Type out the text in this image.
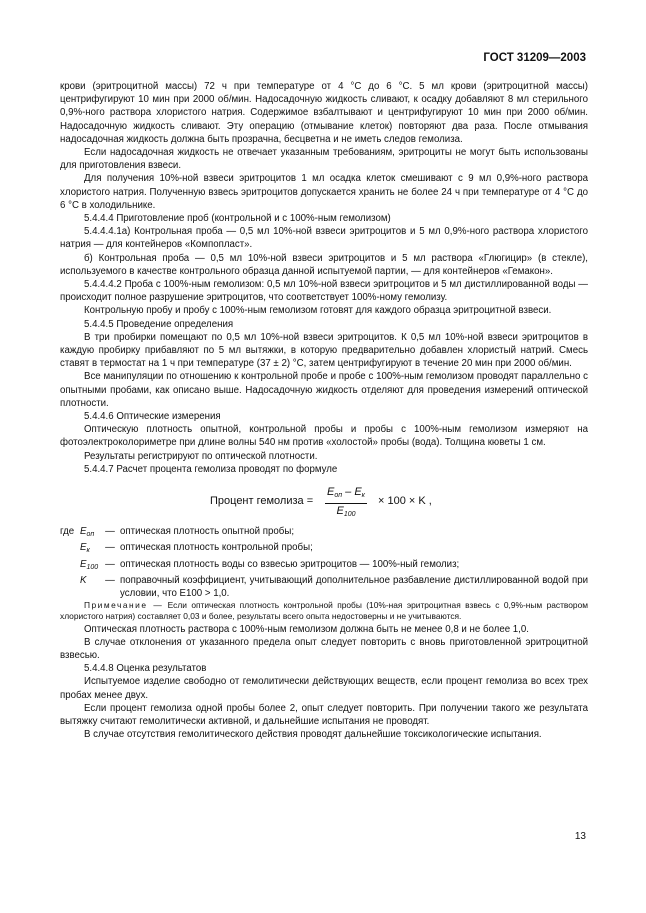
ГОСТ 31209—2003

крови (эритроцитной массы) 72 ч при температуре от 4 °С до 6 °С. 5 мл крови (эритроцитной массы) центрифугируют 10 мин при 2000 об/мин. Надосадочную жидкость сливают, к осадку добавляют 8 мл стерильного 0,9%-ного раствора хлористого натрия. Содержимое взбалтывают и центрифугируют 10 мин при 2000 об/мин. Надосадочную жидкость сливают. Эту операцию (отмывание клеток) повторяют два раза. После отмывания надосадочная жидкость должна быть прозрачна, бесцветна и не иметь следов гемолиза.

Если надосадочная жидкость не отвечает указанным требованиям, эритроциты не могут быть использованы для приготовления взвеси.

Для получения 10%-ной взвеси эритроцитов 1 мл осадка клеток смешивают с 9 мл 0,9%-ного раствора хлористого натрия. Полученную взвесь эритроцитов допускается хранить не более 24 ч при температуре от 4 °С до 6 °С в холодильнике.

5.4.4.4 Приготовление проб (контрольной и с 100%-ным гемолизом)

5.4.4.4.1а) Контрольная проба — 0,5 мл 10%-ной взвеси эритроцитов и 5 мл 0,9%-ного раствора хлористого натрия — для контейнеров «Компопласт».

б) Контрольная проба — 0,5 мл 10%-ной взвеси эритроцитов и 5 мл раствора «Глюгицир» (в стекле), используемого в качестве контрольного образца данной испытуемой партии, — для контейнеров «Гемакон».

5.4.4.4.2 Проба с 100%-ным гемолизом: 0,5 мл 10%-ной взвеси эритроцитов и 5 мл дистиллированной воды — происходит полное разрушение эритроцитов, что соответствует 100%-ному гемолизу.

Контрольную пробу и пробу с 100%-ным гемолизом готовят для каждого образца эритроцитной взвеси.

5.4.4.5 Проведение определения

В три пробирки помещают по 0,5 мл 10%-ной взвеси эритроцитов. К 0,5 мл 10%-ной взвеси эритроцитов в каждую пробирку прибавляют по 5 мл вытяжки, в которую предварительно добавлен хлористый натрий. Смесь ставят в термостат на 1 ч при температуре (37 ± 2) °С, затем центрифугируют в течение 20 мин при 2000 об/мин.

Все манипуляции по отношению к контрольной пробе и пробе с 100%-ным гемолизом проводят параллельно с опытными пробами, как описано выше. Надосадочную жидкость отделяют для проведения измерений оптической плотности.

5.4.4.6 Оптические измерения

Оптическую плотность опытной, контрольной пробы и пробы с 100%-ным гемолизом измеряют на фотоэлектроколориметре при длине волны 540 нм против «холостой» пробы (вода). Толщина кюветы 1 см.

Результаты регистрируют по оптической плотности.

5.4.4.7 Расчет процента гемолиза проводят по формуле

Процент гемолиза =
$E_{оп} - E_к$
$E_{100}$
× 100 × K ,
где $E_{оп}$	— оптическая плотность опытной пробы;
$E_к$	— оптическая плотность контрольной пробы;
$E_{100}$ — оптическая плотность воды со взвесью эритроцитов — 100%-ный гемолиз;
K	— поправочный коэффициент, учитывающий дополнительное разбавление дистиллированной водой при условии, что E100 > 1,0.

Примечание — Если оптическая плотность контрольной пробы (10%-ная эритроцитная взвесь с 0,9%-ным раствором хлористого натрия) составляет 0,03 и более, результаты всего опыта недостоверны и не учитываются.

Оптическая плотность раствора с 100%-ным гемолизом должна быть не менее 0,8 и не более 1,0.

В случае отклонения от указанного предела опыт следует повторить с вновь приготовленной эритроцитной взвесью.

5.4.4.8 Оценка результатов

Испытуемое изделие свободно от гемолитически действующих веществ, если процент гемолиза во всех трех пробах менее двух.

Если процент гемолиза одной пробы более 2, опыт следует повторить. При получении такого же результата вытяжку считают гемолитически активной, и дальнейшие испытания не проводят.

В случае отсутствия гемолитического действия проводят дальнейшие токсикологические испытания.

13
